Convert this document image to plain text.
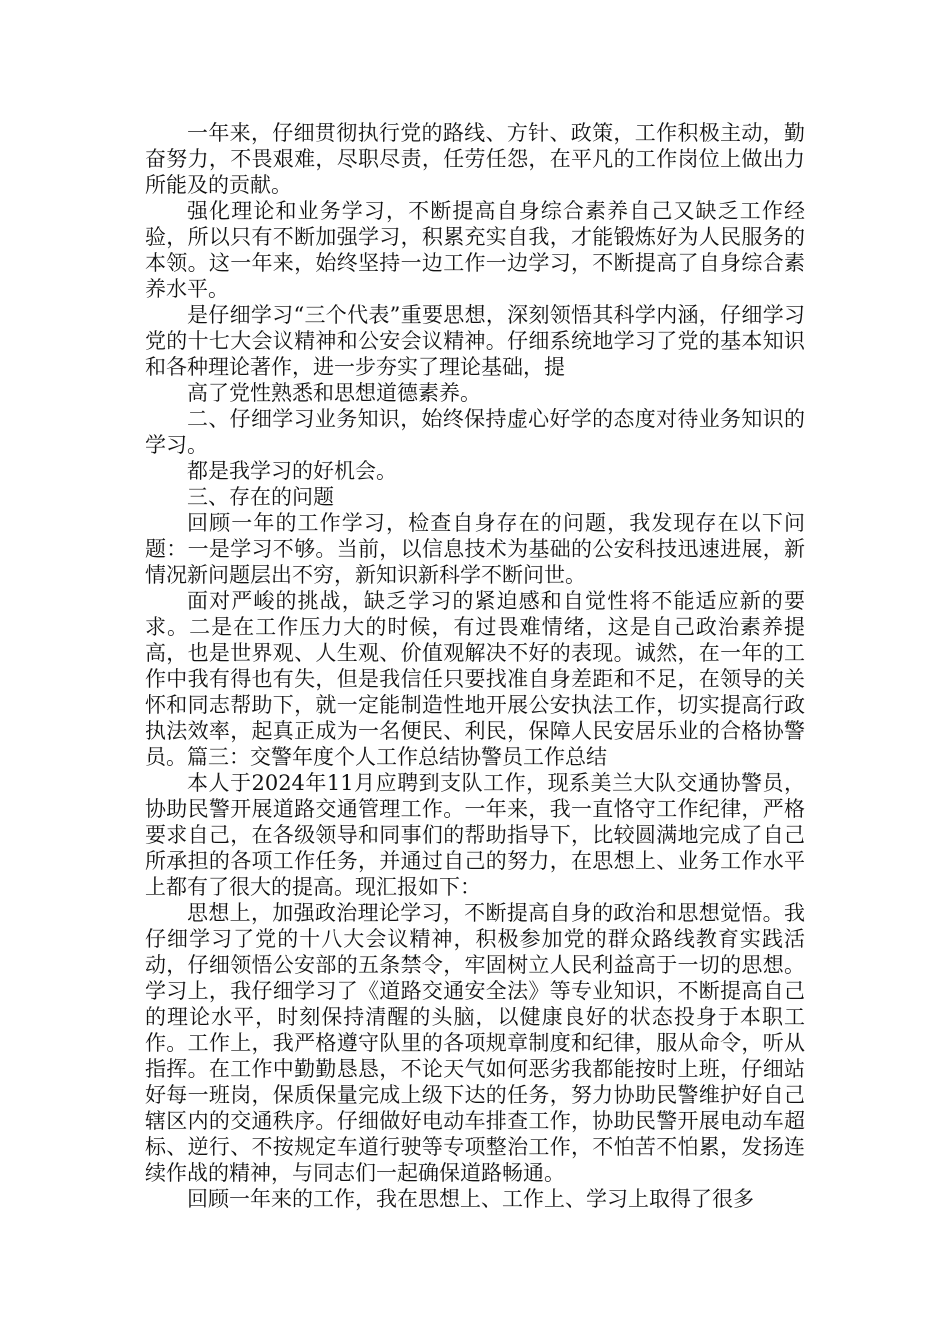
一年来，仔细贯彻执行党的路线、方针、政策，工作积极主动，勤奋努力，不畏艰难，尽职尽责，任劳任怨，在平凡的工作岗位上做出力所能及的贡献。

强化理论和业务学习，不断提高自身综合素养自己又缺乏工作经验，所以只有不断加强学习，积累充实自我，才能锻炼好为人民服务的本领。这一年来，始终坚持一边工作一边学习，不断提高了自身综合素养水平。

是仔细学习“三个代表”重要思想，深刻领悟其科学内涵，仔细学习党的十七大会议精神和公安会议精神。仔细系统地学习了党的基本知识和各种理论著作，进一步夯实了理论基础，提

高了党性熟悉和思想道德素养。

二、仔细学习业务知识，始终保持虚心好学的态度对待业务知识的学习。

都是我学习的好机会。

三、存在的问题

回顾一年的工作学习，检查自身存在的问题，我发现存在以下问题：一是学习不够。当前，以信息技术为基础的公安科技迅速进展，新情况新问题层出不穷，新知识新科学不断问世。

面对严峻的挑战，缺乏学习的紧迫感和自觉性将不能适应新的要求。二是在工作压力大的时候，有过畏难情绪，这是自己政治素养提高，也是世界观、人生观、价值观解决不好的表现。诚然，在一年的工作中我有得也有失，但是我信任只要找准自身差距和不足，在领导的关怀和同志帮助下，就一定能制造性地开展公安执法工作，切实提高行政执法效率，起真正成为一名便民、利民，保障人民安居乐业的合格协警员。篇三：交警年度个人工作总结协警员工作总结

本人于2024年11月应聘到支队工作，现系美兰大队交通协警员，协助民警开展道路交通管理工作。一年来，我一直恪守工作纪律，严格要求自己，在各级领导和同事们的帮助指导下，比较圆满地完成了自己所承担的各项工作任务，并通过自己的努力，在思想上、业务工作水平上都有了很大的提高。现汇报如下：

思想上，加强政治理论学习，不断提高自身的政治和思想觉悟。我仔细学习了党的十八大会议精神，积极参加党的群众路线教育实践活动，仔细领悟公安部的五条禁令，牢固树立人民利益高于一切的思想。学习上，我仔细学习了《道路交通安全法》等专业知识，不断提高自己的理论水平，时刻保持清醒的头脑，以健康良好的状态投身于本职工作。工作上，我严格遵守队里的各项规章制度和纪律，服从命令，听从指挥。在工作中勤勤恳恳，不论天气如何恶劣我都能按时上班，仔细站好每一班岗，保质保量完成上级下达的任务，努力协助民警维护好自己辖区内的交通秩序。仔细做好电动车排查工作，协助民警开展电动车超标、逆行、不按规定车道行驶等专项整治工作，不怕苦不怕累，发扬连续作战的精神，与同志们一起确保道路畅通。

回顾一年来的工作，我在思想上、工作上、学习上取得了很多
